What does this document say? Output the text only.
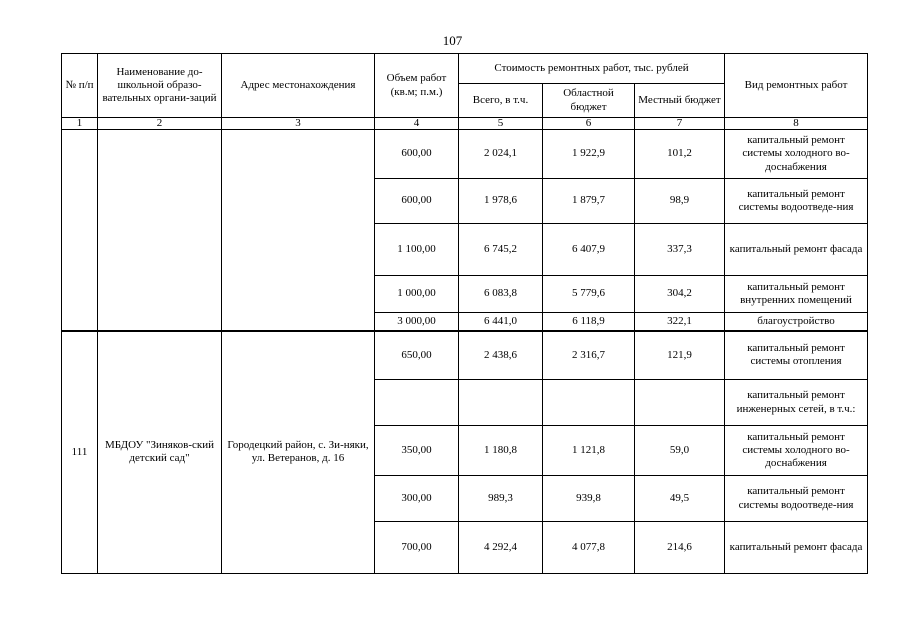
107
№ п/п	Наименование до-школьной образо-вательных органи-заций	Адрес местонахождения	Объем работ (кв.м; п.м.)	Стоимость ремонтных работ, тыс. рублей			Вид ремонтных работ
				Всего, в т.ч.	Областной бюджет	Местный бюджет	
1	2	3	4	5	6	7	8
			600,00	2 024,1	1 922,9	101,2	капитальный ремонт системы холодного во-доснабжения
			600,00	1 978,6	1 879,7	98,9	капитальный ремонт системы водоотведе-ния
			1 100,00	6 745,2	6 407,9	337,3	капитальный ремонт фасада
			1 000,00	6 083,8	5 779,6	304,2	капитальный ремонт внутренних помещений
			3 000,00	6 441,0	6 118,9	322,1	благоустройство
111	МБДОУ "Зиняков-ский детский сад"	Городецкий район, с. Зи-няки, ул. Ветеранов, д. 16	650,00	2 438,6	2 316,7	121,9	капитальный ремонт системы отопления
							капитальный ремонт инженерных сетей, в т.ч.:
			350,00	1 180,8	1 121,8	59,0	капитальный ремонт системы холодного во-доснабжения
			300,00	989,3	939,8	49,5	капитальный ремонт системы водоотведе-ния
			700,00	4 292,4	4 077,8	214,6	капитальный ремонт фасада
